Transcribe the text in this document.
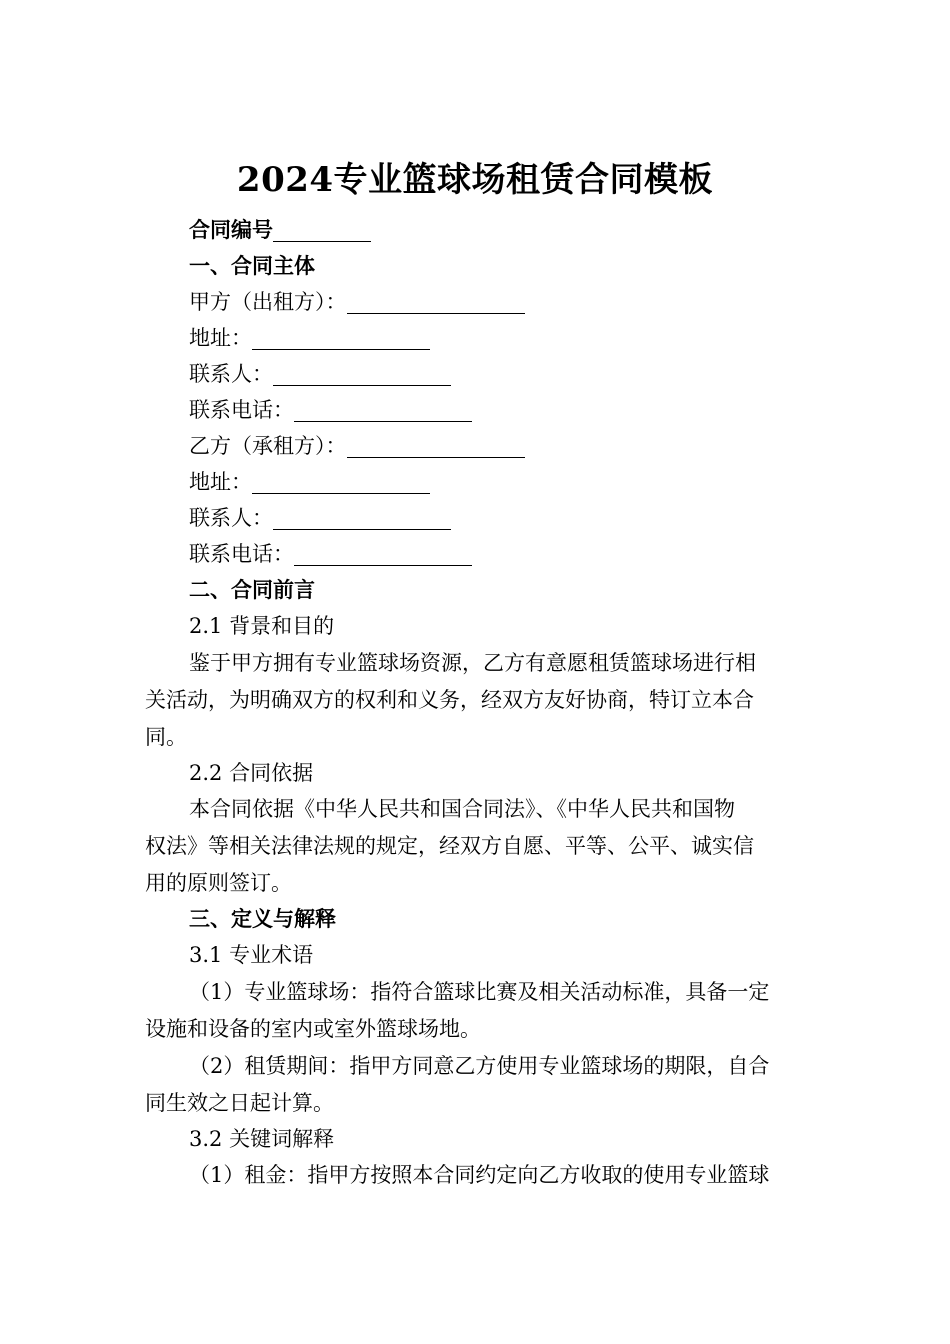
2024专业篮球场租赁合同模板
合同编号
一、合同主体
甲方（出租方）：
地址：
联系人：
联系电话：
乙方（承租方）：
地址：
联系人：
联系电话：
二、合同前言
2.1 背景和目的
鉴于甲方拥有专业篮球场资源，乙方有意愿租赁篮球场进行相
关活动，为明确双方的权利和义务，经双方友好协商，特订立本合
同。
2.2 合同依据
本合同依据《中华人民共和国合同法》、《中华人民共和国物
权法》等相关法律法规的规定，经双方自愿、平等、公平、诚实信
用的原则签订。
三、定义与解释
3.1 专业术语
（1）专业篮球场：指符合篮球比赛及相关活动标准，具备一定
设施和设备的室内或室外篮球场地。
（2）租赁期间：指甲方同意乙方使用专业篮球场的期限，自合
同生效之日起计算。
3.2 关键词解释
（1）租金：指甲方按照本合同约定向乙方收取的使用专业篮球
